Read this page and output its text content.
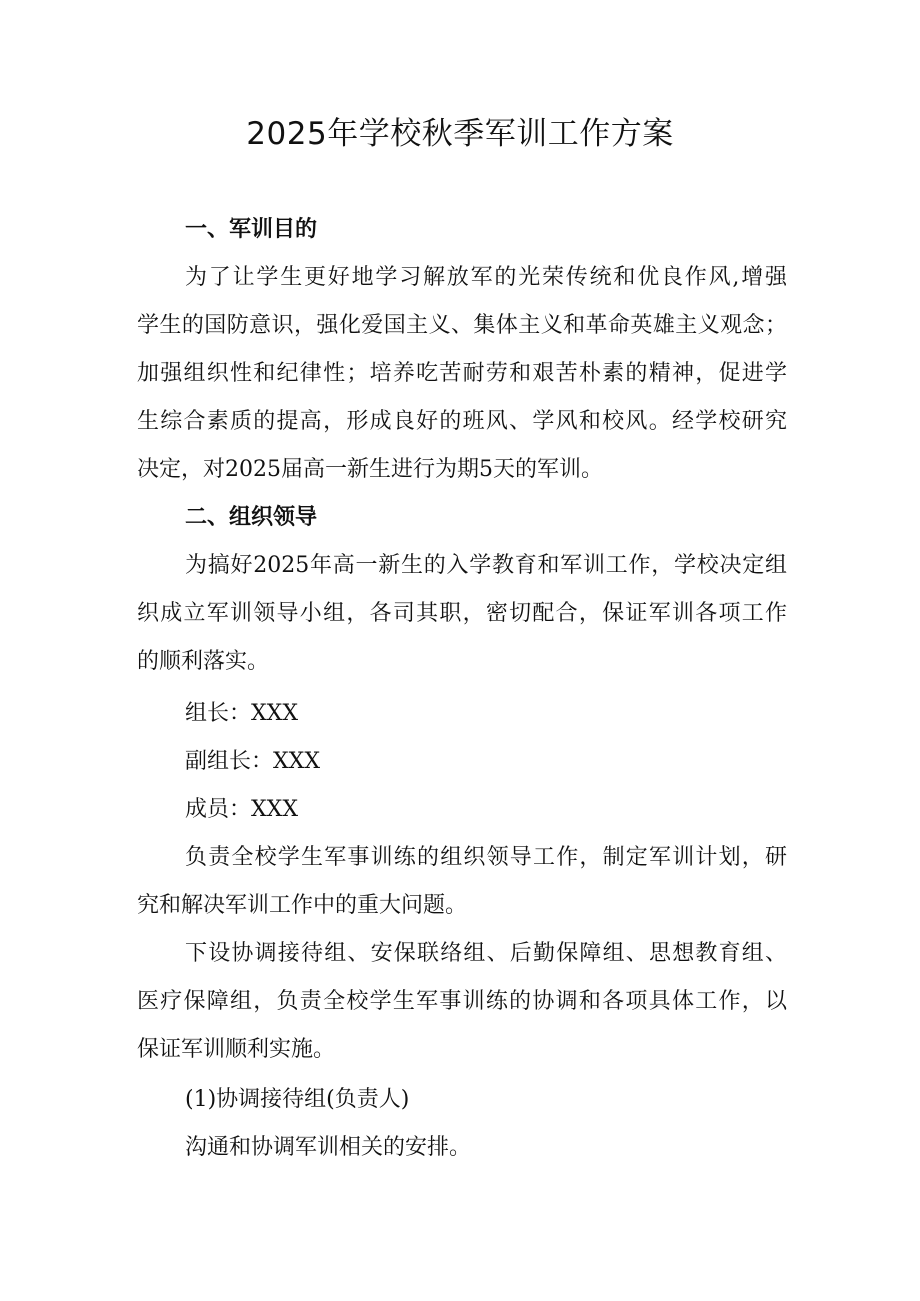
2025年学校秋季军训工作方案
一、军训目的
为了让学生更好地学习解放军的光荣传统和优良作风,增强
学生的国防意识，强化爱国主义、集体主义和革命英雄主义观念；
加强组织性和纪律性；培养吃苦耐劳和艰苦朴素的精神，促进学
生综合素质的提高，形成良好的班风、学风和校风。经学校研究
决定，对2025届高一新生进行为期5天的军训。
二、组织领导
为搞好2025年高一新生的入学教育和军训工作，学校决定组
织成立军训领导小组，各司其职，密切配合，保证军训各项工作
的顺利落实。
组长：XXX
副组长：XXX
成员：XXX
负责全校学生军事训练的组织领导工作，制定军训计划，研
究和解决军训工作中的重大问题。
下设协调接待组、安保联络组、后勤保障组、思想教育组、
医疗保障组，负责全校学生军事训练的协调和各项具体工作，以
保证军训顺利实施。
(1)协调接待组(负责人)
沟通和协调军训相关的安排。
